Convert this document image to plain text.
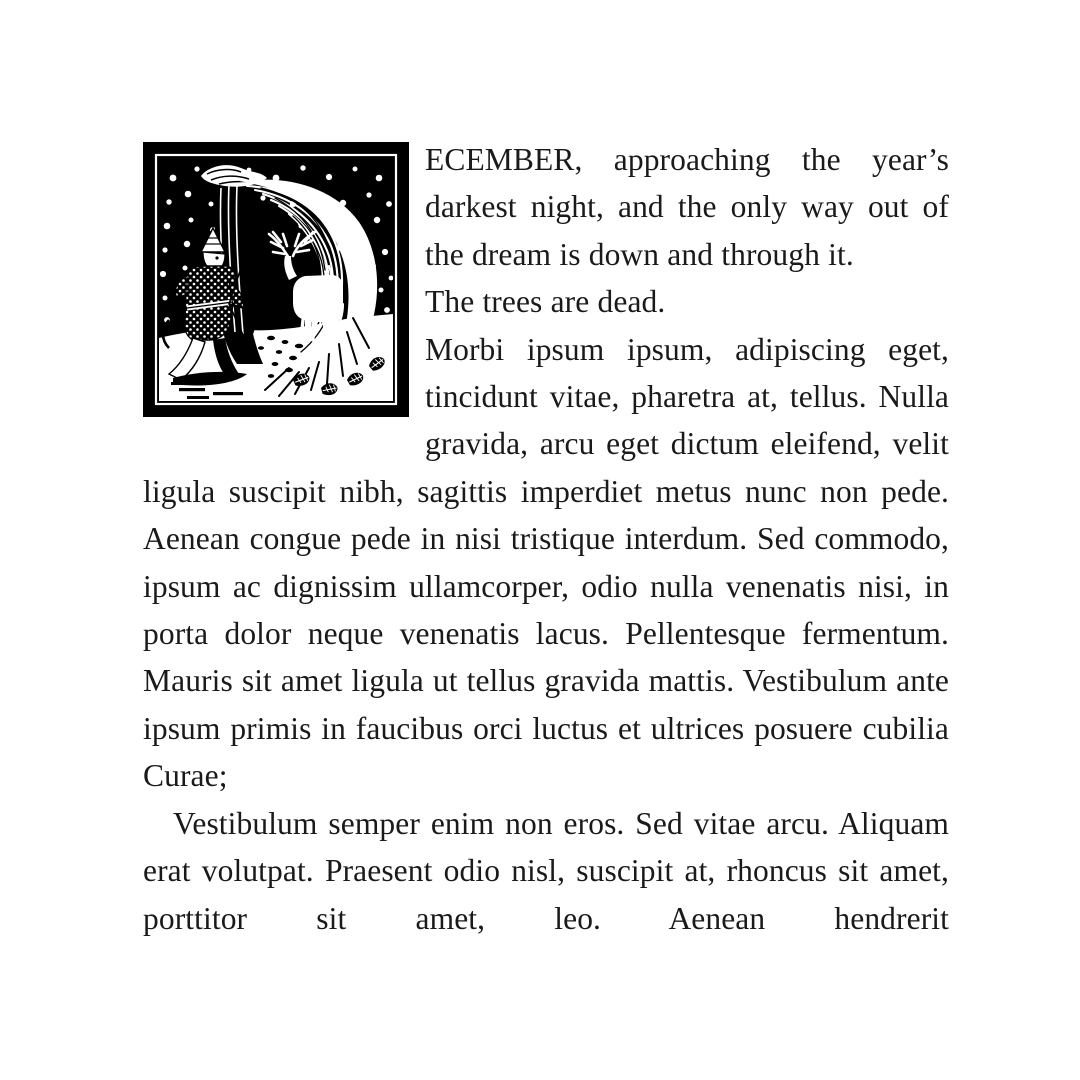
ECEMBER, approaching the year’s darkest night, and the only way out of the dream is down and through it.
The trees are dead.
Morbi ipsum ipsum, adipiscing eget, tincidunt vitae, pharetra at, tellus. Nulla gravida, arcu eget dictum eleifend, velit ligula suscipit nibh, sagittis imperdiet metus nunc non pede. Aenean congue pede in nisi tristique interdum. Sed commodo, ipsum ac dignissim ullamcorper, odio nulla venenatis nisi, in porta dolor neque venenatis lacus. Pellentesque fermentum. Mauris sit amet ligula ut tellus gravida mattis. Vestibulum ante ipsum primis in faucibus orci luctus et ultrices posuere cubilia Curae;

Vestibulum semper enim non eros. Sed vitae arcu. Aliquam erat volutpat. Praesent odio nisl, suscipit at, rhoncus sit amet, porttitor sit amet, leo. Aenean hendrerit
